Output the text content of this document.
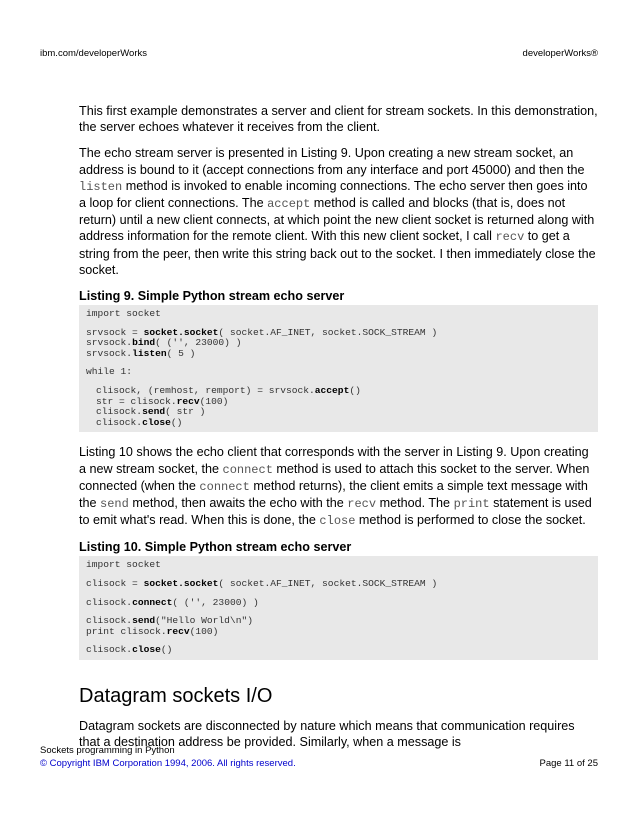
ibm.com/developerWorks	developerWorks®

This first example demonstrates a server and client for stream sockets. In this demonstration, the server echoes whatever it receives from the client.

The echo stream server is presented in Listing 9. Upon creating a new stream socket, an address is bound to it (accept connections from any interface and port 45000) and then the listen method is invoked to enable incoming connections. The echo server then goes into a loop for client connections. The accept method is called and blocks (that is, does not return) until a new client connects, at which point the new client socket is returned along with address information for the remote client. With this new client socket, I call recv to get a string from the peer, then write this string back out to the socket. I then immediately close the socket.

Listing 9. Simple Python stream echo server
import socket
srvsock = socket.socket( socket.AF_INET, socket.SOCK_STREAM )
srvsock.bind( ('', 23000) )
srvsock.listen( 5 )
while 1:
clisock, (remhost, remport) = srvsock.accept()
str = clisock.recv(100)
clisock.send( str )
clisock.close()

Listing 10 shows the echo client that corresponds with the server in Listing 9. Upon creating a new stream socket, the connect method is used to attach this socket to the server. When connected (when the connect method returns), the client emits a simple text message with the send method, then awaits the echo with the recv method. The print statement is used to emit what's read. When this is done, the close method is performed to close the socket.

Listing 10. Simple Python stream echo server
import socket
clisock = socket.socket( socket.AF_INET, socket.SOCK_STREAM )
clisock.connect( ('', 23000) )
clisock.send("Hello World\n")
print clisock.recv(100)
clisock.close()
Datagram sockets I/O

Datagram sockets are disconnected by nature which means that communication requires that a destination address be provided. Similarly, when a message is

Sockets programming in Python
© Copyright IBM Corporation 1994, 2006. All rights reserved.	Page 11 of 25
